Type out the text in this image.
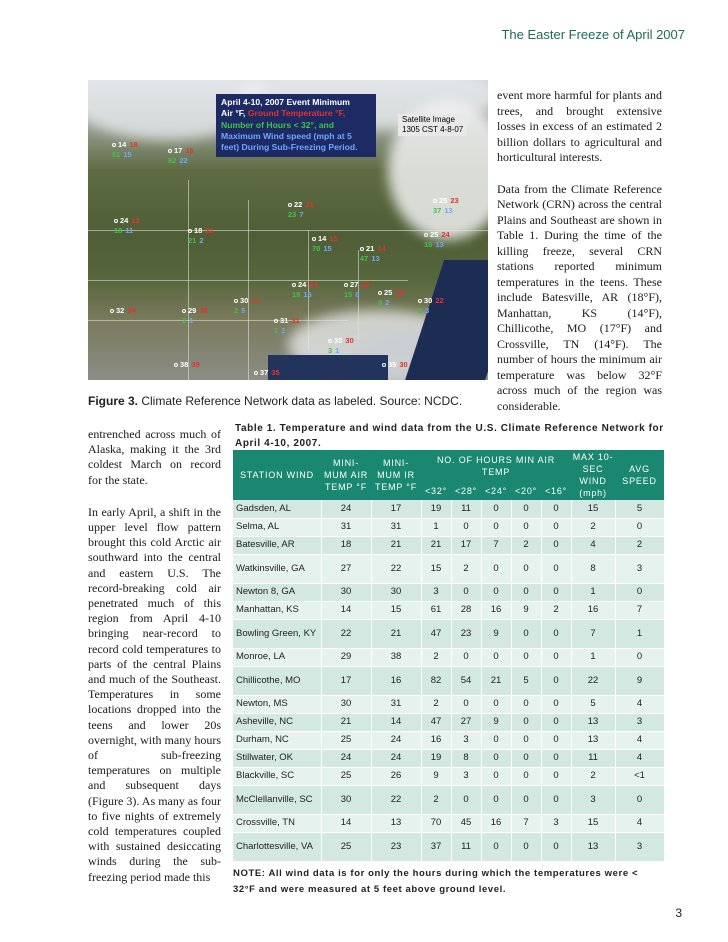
The Easter Freeze of April 2007
April 4-10, 2007 Event Minimum
Air °F, Ground Temperature °F,
Number of Hours < 32°, and
Maximum Wind speed (mph at 5
feet) During Sub-Freezing Period.
Satellite Image
1305 CST 4-8-07
14 18
81 15	17 16
82 22
22 21
23 7
25 23
37 13
24 13
18 11	18 21
21 2	14 15
70 15	21 14
47 13
25 24
16 13
24 24
19 15
27 22
15 8	25 26
9 2
30 31
2 5
30 22
2 3
32 34	29 38
2 1	31 31
1 2
30 30
3 1
38 39
37 35
35 30
Figure 3. Climate Reference Network data as labeled. Source: NCDC.

event more harmful for plants and trees, and brought extensive losses in excess of an estimated 2 billion dollars to agricultural and horticultural interests.

Data from the Climate Reference Network (CRN) across the central Plains and Southeast are shown in Table 1. During the time of the killing freeze, several CRN stations reported minimum temperatures in the teens. These include Batesville, AR (18°F), Manhattan, KS (14°F), Chillicothe, MO (17°F) and Crossville, TN (14°F). The number of hours the minimum air temperature was below 32°F across much of the region was considerable.

entrenched across much of Alaska, making it the 3rd coldest March on record for the state.

In early April, a shift in the upper level flow pattern brought this cold Arctic air southward into the central and eastern U.S. The record-breaking cold air penetrated much of this region from April 4-10 bringing near-record to record cold temperatures to parts of the central Plains and much of the Southeast. Temperatures in some locations dropped into the teens and lower 20s overnight, with many hours of sub-freezing temperatures on multiple and subsequent days (Figure 3). As many as four to five nights of extremely cold temperatures coupled with sustained desiccating winds during the sub-freezing period made this

Table 1. Temperature and wind data from the U.S. Climate Reference Network for April 4-10, 2007.
STATION WIND	MINI-MUM AIR TEMP °F	MINI-MUM IR TEMP °F	NO. OF HOURS MIN AIR TEMP					MAX 10-SEC WIND (mph)	AVG SPEED
			<32°	<28°	<24°	<20°	<16°		
Gadsden, AL	24	17	19	11	0	0	0	15	5
Selma, AL	31	31	1	0	0	0	0	2	0
Batesville, AR	18	21	21	17	7	2	0	4	2
Watkinsville, GA	27	22	15	2	0	0	0	8	3
Newton 8, GA	30	30	3	0	0	0	0	1	0
Manhattan, KS	14	15	61	28	16	9	2	16	7
Bowling Green, KY	22	21	47	23	9	0	0	7	1
Monroe, LA	29	38	2	0	0	0	0	1	0
Chillicothe, MO	17	16	82	54	21	5	0	22	9
Newton, MS	30	31	2	0	0	0	0	5	4
Asheville, NC	21	14	47	27	9	0	0	13	3
Durham, NC	25	24	16	3	0	0	0	13	4
Stillwater, OK	24	24	19	8	0	0	0	11	4
Blackville, SC	25	26	9	3	0	0	0	2	<1
McClellanville, SC	30	22	2	0	0	0	0	3	0
Crossville, TN	14	13	70	45	16	7	3	15	4
Charlottesville, VA	25	23	37	11	0	0	0	13	3
NOTE: All wind data is for only the hours during which the temperatures were < 32°F and were measured at 5 feet above ground level.
3
